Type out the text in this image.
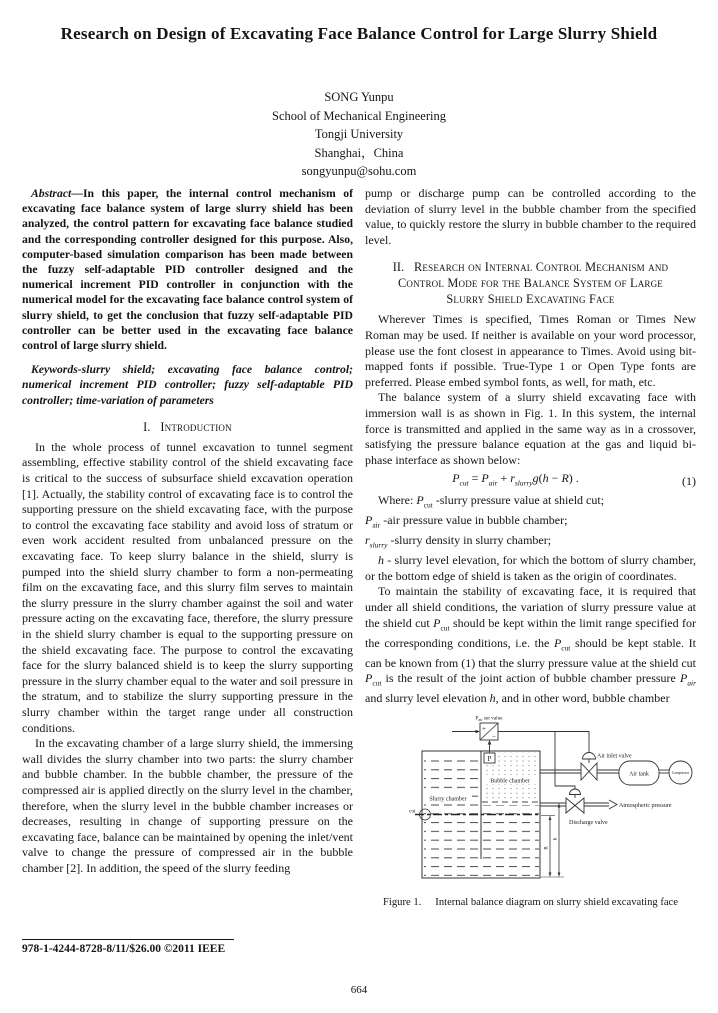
Research on Design of Excavating Face Balance Control for Large Slurry Shield
SONG Yunpu
School of Mechanical Engineering
Tongji University
Shanghai，China
songyunpu@sohu.com

Abstract—In this paper, the internal control mechanism of excavating face balance system of large slurry shield has been analyzed, the control pattern for excavating face balance studied and the corresponding controller designed for this purpose. Also, computer-based simulation comparison has been made between the fuzzy self-adaptable PID controller designed and the numerical increment PID controller in conjunction with the numerical model for the excavating face balance control system of slurry shield, to get the conclusion that fuzzy self-adaptable PID controller can be better used in the excavating face balance control of large slurry shield.

Keywords-slurry shield; excavating face balance control; numerical increment PID controller; fuzzy self-adaptable PID controller; time-variation of parameters

I. Introduction

In the whole process of tunnel excavation to tunnel segment assembling, effective stability control of the shield excavating face is critical to the success of subsurface shield excavation operation [1]. Actually, the stability control of excavating face is to control the supporting pressure on the shield excavating face, with the purpose to control the excavating face stability and avoid loss of stratum or even work accident resulted from unbalanced pressure on the excavating face. To keep slurry balance in the shield, slurry is pumped into the shield slurry chamber to form a non-permeating film on the excavating face, and this slurry film serves to maintain the slurry pressure in the slurry chamber against the soil and water pressure acting on the excavating face, therefore, the slurry pressure in the shield slurry chamber is equal to the supporting pressure on the shield excavating face. The purpose to control the excavating face for the slurry balanced shield is to keep the slurry supporting pressure in the slurry chamber equal to the water and soil pressure in the stratum, and to stabilize the slurry supporting pressure in the slurry chamber within the target range under all construction conditions.

In the excavating chamber of a large slurry shield, the immersing wall divides the slurry chamber into two parts: the slurry chamber and bubble chamber. In the bubble chamber, the pressure of the compressed air is applied directly on the slurry level in the chamber, therefore, when the slurry level in the bubble chamber increases or decreases, resulting in change of supporting pressure on the excavating face, balance can be maintained by opening the inlet/vent valve to change the pressure of compressed air in the bubble chamber [2]. In addition, the speed of the slurry feeding

pump or discharge pump can be controlled according to the deviation of slurry level in the bubble chamber from the specified value, to quickly restore the slurry in bubble chamber to the required level.

II. Research on Internal Control Mechanism and Control Mode for the Balance System of Large Slurry Shield Excavating Face

Wherever Times is specified, Times Roman or Times New Roman may be used. If neither is available on your word processor, please use the font closest in appearance to Times. Avoid using bit-mapped fonts if possible. True-Type 1 or Open Type fonts are preferred. Please embed symbol fonts, as well, for math, etc.

The balance system of a slurry shield excavating face with immersion wall is as shown in Fig. 1. In this system, the internal force is transmitted and applied in the same way as in a crossover, satisfying the pressure balance equation at the gas and liquid bi-phase interface as shown below:

$P_{cut} = P_{air} + r_{slurry}g(h - R)$ .	(1)

Where: $P_{cut}$ -slurry pressure value at shield cut;

$P_{air}$ -air pressure value in bubble chamber;

$r_{slurry}$ -slurry density in slurry chamber;

h - slurry level elevation, for which the bottom of slurry chamber, or the bottom edge of shield is taken as the origin of coordinates.

To maintain the stability of excavating face, it is required that under all shield conditions, the variation of slurry pressure value at the shield cut $P_{cut}$ should be kept within the limit range specified for the corresponding conditions, i.e. the $P_{cut}$ should be kept stable. It can be known from (1) that the slurry pressure value at the shield cut $P_{cut}$ is the result of the joint action of bubble chamber pressure $P_{air}$ and slurry level elevation h, and in other word, bubble chamber

Slurry chamber
Bubble chamber
cut
P
+
−
$P_{air}$ set value
Air inlet valve
Air tank	Compressor
Atmospheric pressure
Discharge valve
R
h
Figure 1. Internal balance diagram on slurry shield excavating face
978-1-4244-8728-8/11/$26.00 ©2011 IEEE
664
